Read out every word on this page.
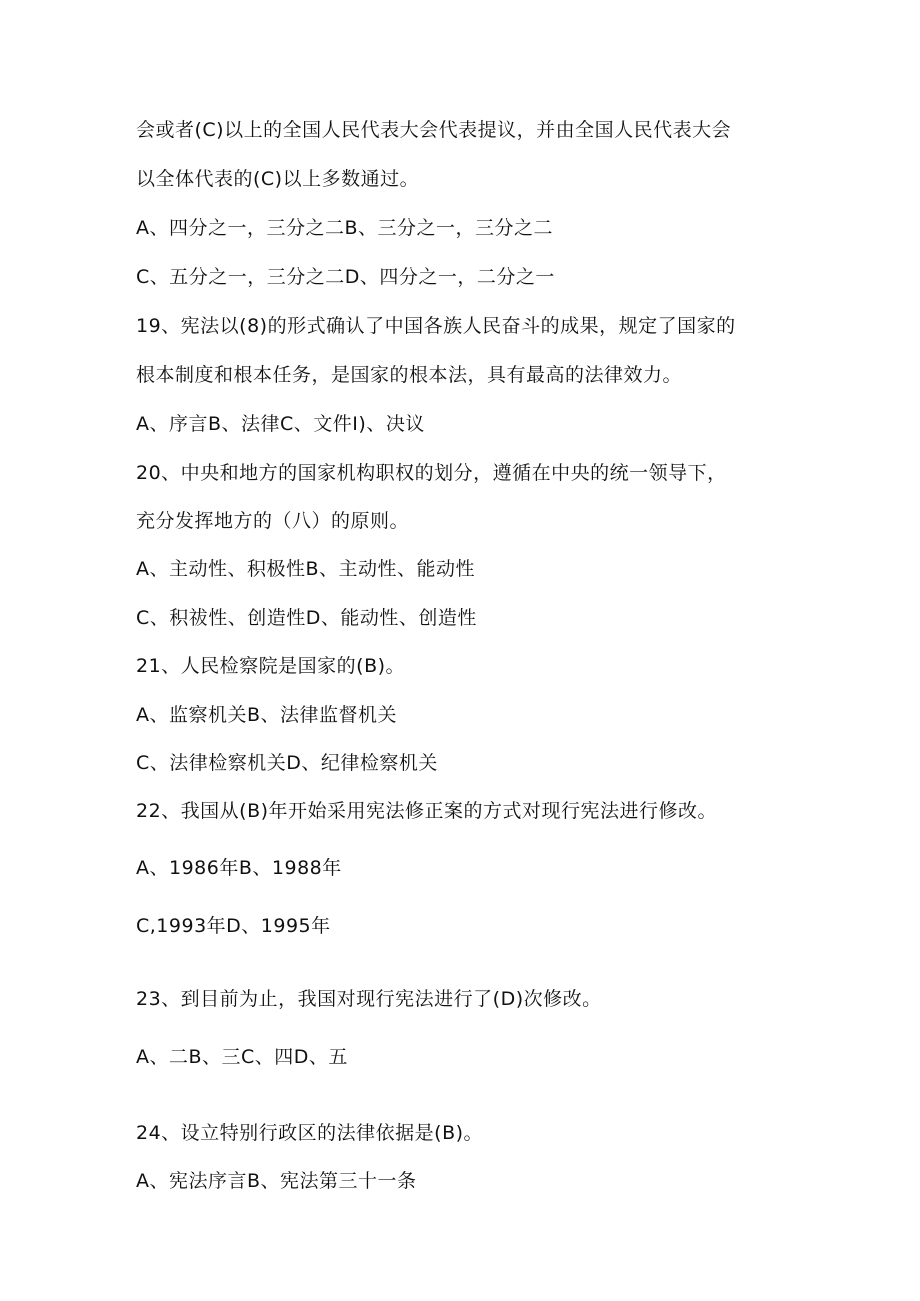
会或者(C)以上的全国人民代表大会代表提议，并由全国人民代表大会
以全体代表的(C)以上多数通过。
A、四分之一，三分之二B、三分之一，三分之二
C、五分之一，三分之二D、四分之一，二分之一
19、宪法以(8)的形式确认了中国各族人民奋斗的成果，规定了国家的
根本制度和根本任务，是国家的根本法，具有最高的法律效力。
A、序言B、法律C、文件I)、决议
20、中央和地方的国家机构职权的划分，遵循在中央的统一领导下，
充分发挥地方的（八）的原则。
A、主动性、积极性B、主动性、能动性
C、积祓性、创造性D、能动性、创造性
21、人民检察院是国家的(B)。
A、监察机关B、法律监督机关
C、法律检察机关D、纪律检察机关
22、我国从(B)年开始采用宪法修正案的方式对现行宪法进行修改。
A、1986年B、1988年
C,1993年D、1995年
23、到目前为止，我国对现行宪法进行了(D)次修改。
A、二B、三C、四D、五
24、设立特别行政区的法律依据是(B)。
A、宪法序言B、宪法第三十一条
